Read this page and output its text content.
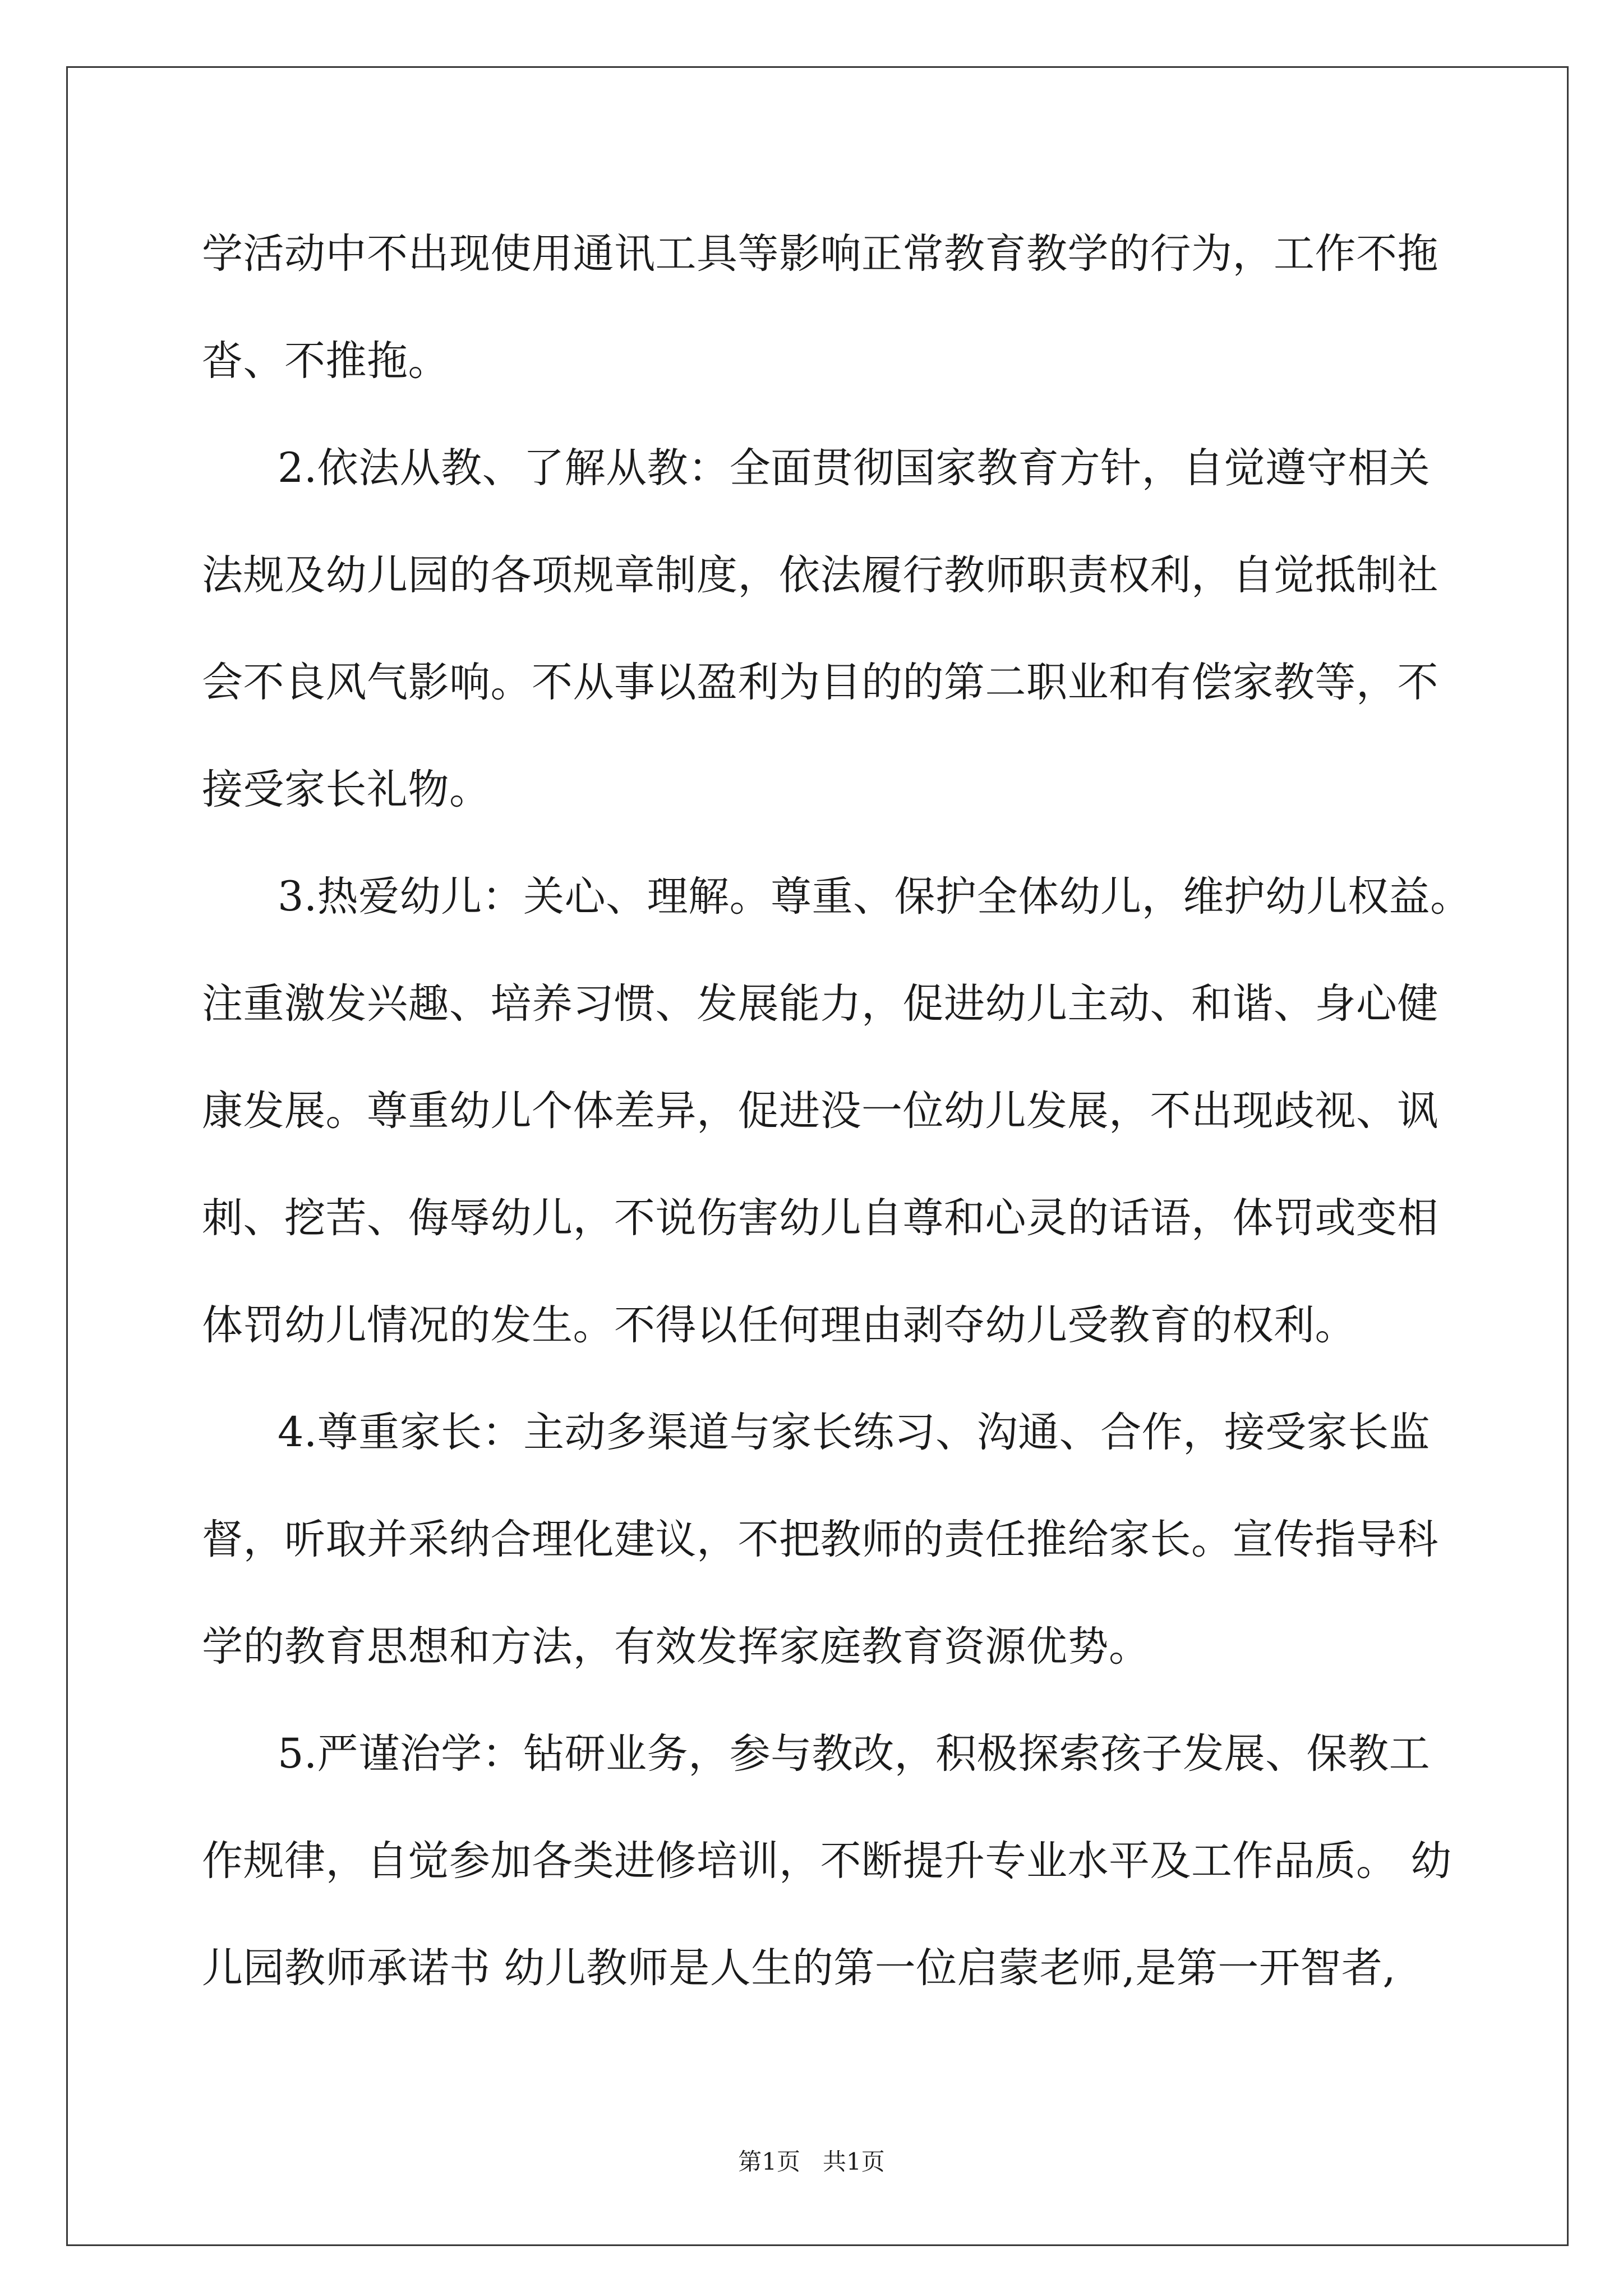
学活动中不出现使用通讯工具等影响正常教育教学的行为，工作不拖
沓、不推拖。
2.依法从教、了解从教：全面贯彻国家教育方针，自觉遵守相关
法规及幼儿园的各项规章制度，依法履行教师职责权利，自觉抵制社
会不良风气影响。不从事以盈利为目的的第二职业和有偿家教等，不
接受家长礼物。
3.热爱幼儿：关心、理解。尊重、保护全体幼儿，维护幼儿权益。
注重激发兴趣、培养习惯、发展能力，促进幼儿主动、和谐、身心健
康发展。尊重幼儿个体差异，促进没一位幼儿发展，不出现歧视、讽
刺、挖苦、侮辱幼儿，不说伤害幼儿自尊和心灵的话语，体罚或变相
体罚幼儿情况的发生。不得以任何理由剥夺幼儿受教育的权利。
4.尊重家长：主动多渠道与家长练习、沟通、合作，接受家长监
督，听取并采纳合理化建议，不把教师的责任推给家长。宣传指导科
学的教育思想和方法，有效发挥家庭教育资源优势。
5.严谨治学：钻研业务，参与教改，积极探索孩子发展、保教工
作规律，自觉参加各类进修培训，不断提升专业水平及工作品质。 幼
儿园教师承诺书 幼儿教师是人生的第一位启蒙老师,是第一开智者,
第1页   共1页
